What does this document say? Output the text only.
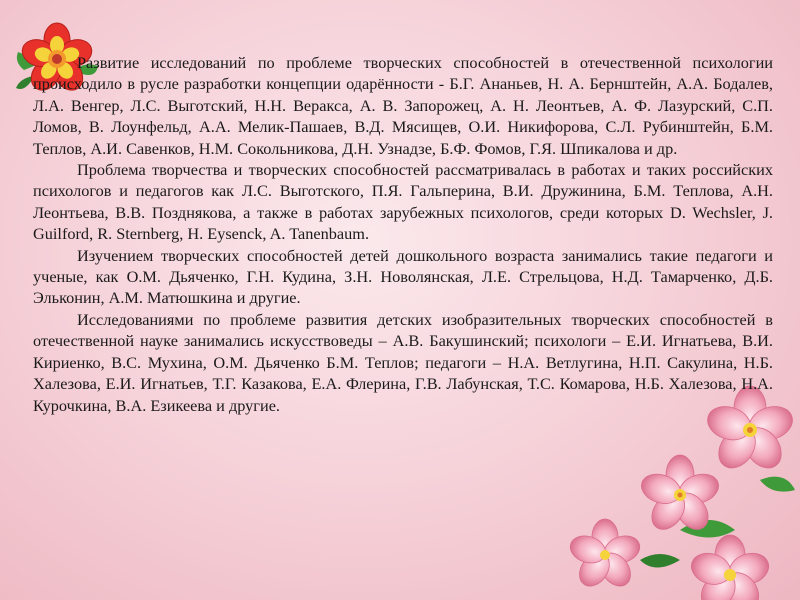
Развитие исследований по проблеме творческих способностей в отечественной психологии происходило в русле разработки концепции одарённости - Б.Г. Ананьев, Н. А. Бернштейн, А.А. Бодалев, Л.А. Венгер, Л.С. Выготский, Н.Н. Веракса, А. В. Запорожец, А. Н. Леонтьев, А. Ф. Лазурский, С.П. Ломов, В. Лоунфельд, А.А. Мелик-Пашаев, В.Д. Мясищев, О.И. Никифорова, С.Л. Рубинштейн, Б.М. Теплов, А.И. Савенков, Н.М. Сокольникова, Д.Н. Узнадзе, Б.Ф. Фомов, Г.Я. Шпикалова и др.

Проблема творчества и творческих способностей рассматривалась в работах и таких российских психологов и педагогов как Л.С. Выготского, П.Я. Гальперина, В.И. Дружинина, Б.М. Теплова, А.Н. Леонтьева, В.В. Позднякова, а также в работах зарубежных психологов, среди которых D. Wechsler, J. Guilford, R. Sternberg, H. Eysenck, A. Tanenbaum.

Изучением творческих способностей детей дошкольного возраста занимались такие педагоги и ученые, как О.М. Дьяченко, Г.Н. Кудина, З.Н. Новолянская, Л.Е. Стрельцова, Н.Д. Тамарченко, Д.Б. Эльконин, А.М. Матюшкина и другие.

Исследованиями по проблеме развития детских изобразительных творческих способностей в отечественной науке занимались искусствоведы – А.В. Бакушинский; психологи – Е.И. Игнатьева, В.И. Кириенко, В.С. Мухина, О.М. Дьяченко Б.М. Теплов; педагоги – Н.А. Ветлугина, Н.П. Сакулина, Н.Б. Халезова, Е.И. Игнатьев, Т.Г. Казакова, Е.А. Флерина, Г.В. Лабунская, Т.С. Комарова, Н.Б. Халезова, Н.А. Курочкина, В.А. Езикеева и другие.
